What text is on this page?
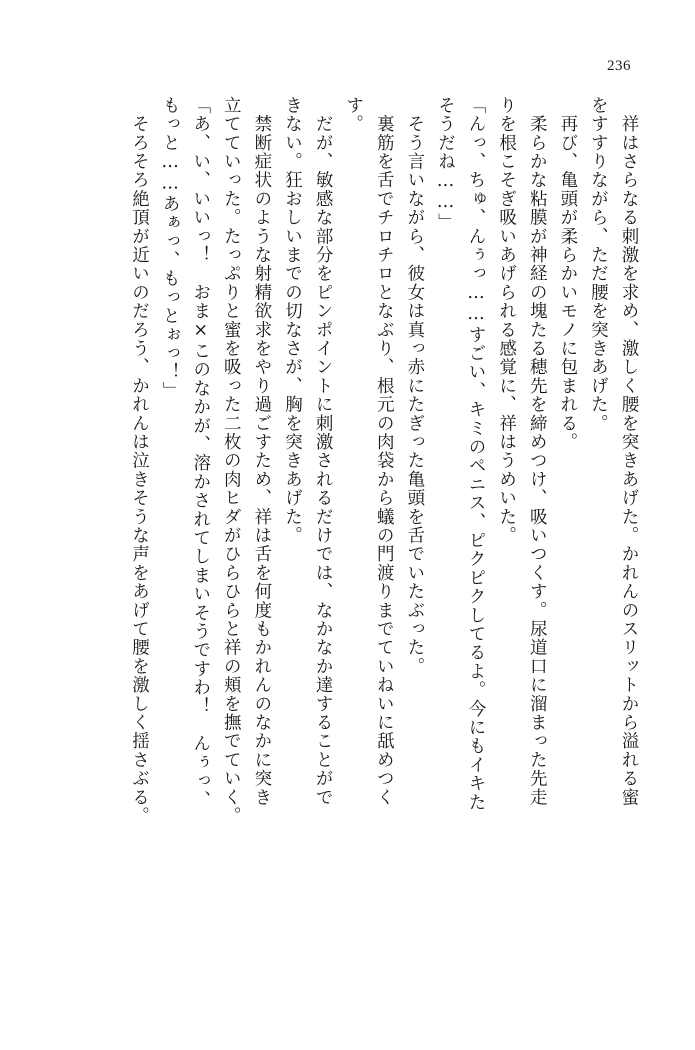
236
　祥はさらなる刺激を求め、激しく腰を突きあげた。かれんのスリットから溢れる蜜
をすすりながら、ただ腰を突きあげた。
　再び、亀頭が柔らかいモノに包まれる。
　柔らかな粘膜が神経の塊たる穂先を締めつけ、吸いつくす。尿道口に溜まった先走
りを根こそぎ吸いあげられる感覚に、祥はうめいた。
「んっ、ちゅ、んぅっ……すごい、キミのペニス、ピクピクしてるよ。今にもイキた
そうだね……」
　そう言いながら、彼女は真っ赤にたぎった亀頭を舌でいたぶった。
　裏筋を舌でチロチロとなぶり、根元の肉袋から蟻の門渡りまでていねいに舐めつく
す。
　だが、敏感な部分をピンポイントに刺激されるだけでは、なかなか達することがで
きない。狂おしいまでの切なさが、胸を突きあげた。
　禁断症状のような射精欲求をやり過ごすため、祥は舌を何度もかれんのなかに突き
立てていった。たっぷりと蜜を吸った二枚の肉ヒダがひらひらと祥の頬を撫でていく。
「あ、い、いいっ！　おま×このなかが、溶かされてしまいそうですわ！　んぅっ、
もっと……あぁっ、もっとぉっ！」
　そろそろ絶頂が近いのだろう、かれんは泣きそうな声をあげて腰を激しく揺さぶる。
